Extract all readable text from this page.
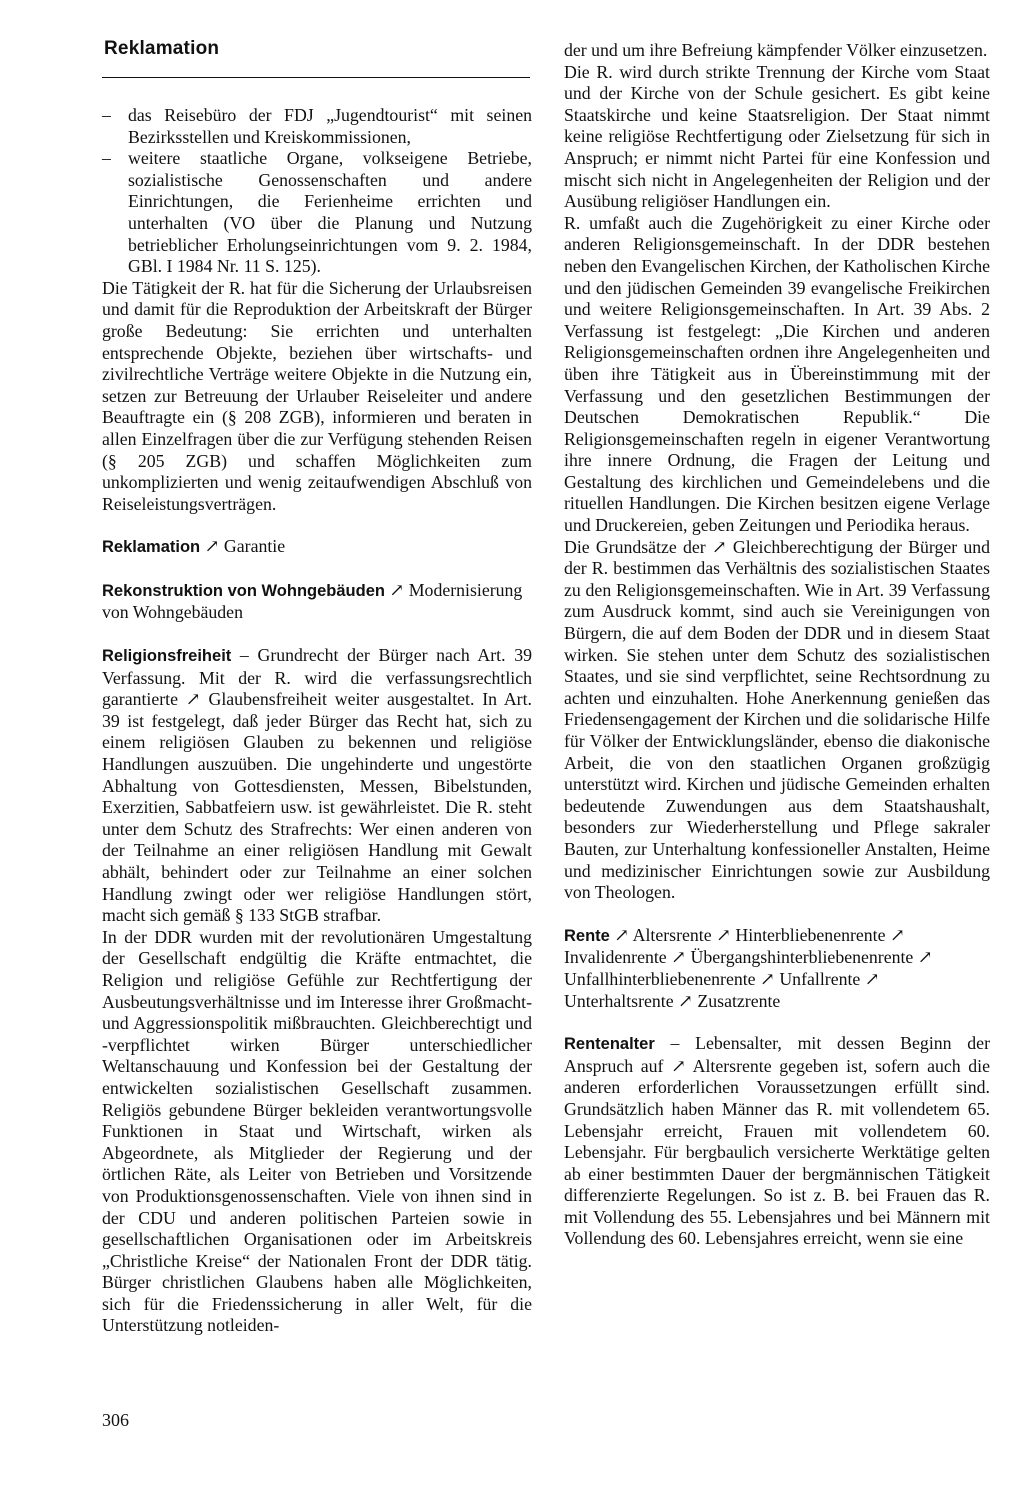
Reklamation
– das Reisebüro der FDJ „Jugendtourist“ mit seinen Bezirksstellen und Kreiskommissionen,
– weitere staatliche Organe, volkseigene Betriebe, sozialistische Genossenschaften und andere Einrichtungen, die Ferienheime errichten und unterhalten (VO über die Planung und Nutzung betrieblicher Erholungseinrichtungen vom 9. 2. 1984, GBl. I 1984 Nr. 11 S. 125).

Die Tätigkeit der R. hat für die Sicherung der Urlaubsreisen und damit für die Reproduktion der Arbeitskraft der Bürger große Bedeutung: Sie errichten und unterhalten entsprechende Objekte, beziehen über wirtschafts- und zivilrechtliche Verträge weitere Objekte in die Nutzung ein, setzen zur Betreuung der Urlauber Reiseleiter und andere Beauftragte ein (§ 208 ZGB), informieren und beraten in allen Einzelfragen über die zur Verfügung stehenden Reisen (§ 205 ZGB) und schaffen Möglichkeiten zum unkomplizierten und wenig zeitaufwendigen Abschluß von Reiseleistungsverträgen.

Reklamation ↗ Garantie

Rekonstruktion von Wohngebäuden ↗ Modernisierung von Wohngebäuden

Religionsfreiheit – Grundrecht der Bürger nach Art. 39 Verfassung. Mit der R. wird die verfassungsrechtlich garantierte ↗ Glaubensfreiheit weiter ausgestaltet. In Art. 39 ist festgelegt, daß jeder Bürger das Recht hat, sich zu einem religiösen Glauben zu bekennen und religiöse Handlungen auszuüben. Die ungehinderte und ungestörte Abhaltung von Gottesdiensten, Messen, Bibelstunden, Exerzitien, Sabbatfeiern usw. ist gewährleistet. Die R. steht unter dem Schutz des Strafrechts: Wer einen anderen von der Teilnahme an einer religiösen Handlung mit Gewalt abhält, behindert oder zur Teilnahme an einer solchen Handlung zwingt oder wer religiöse Handlungen stört, macht sich gemäß § 133 StGB strafbar.

In der DDR wurden mit der revolutionären Umgestaltung der Gesellschaft endgültig die Kräfte entmachtet, die Religion und religiöse Gefühle zur Rechtfertigung der Ausbeutungsverhältnisse und im Interesse ihrer Großmacht- und Aggressionspolitik mißbrauchten. Gleichberechtigt und -verpflichtet wirken Bürger unterschiedlicher Weltanschauung und Konfession bei der Gestaltung der entwickelten sozialistischen Gesellschaft zusammen. Religiös gebundene Bürger bekleiden verantwortungsvolle Funktionen in Staat und Wirtschaft, wirken als Abgeordnete, als Mitglieder der Regierung und der örtlichen Räte, als Leiter von Betrieben und Vorsitzende von Produktionsgenossenschaften. Viele von ihnen sind in der CDU und anderen politischen Parteien sowie in gesellschaftlichen Organisationen oder im Arbeitskreis „Christliche Kreise“ der Nationalen Front der DDR tätig. Bürger christlichen Glaubens haben alle Möglichkeiten, sich für die Friedenssicherung in aller Welt, für die Unterstützung notleiden-

der und um ihre Befreiung kämpfender Völker einzusetzen.

Die R. wird durch strikte Trennung der Kirche vom Staat und der Kirche von der Schule gesichert. Es gibt keine Staatskirche und keine Staatsreligion. Der Staat nimmt keine religiöse Rechtfertigung oder Zielsetzung für sich in Anspruch; er nimmt nicht Partei für eine Konfession und mischt sich nicht in Angelegenheiten der Religion und der Ausübung religiöser Handlungen ein.

R. umfaßt auch die Zugehörigkeit zu einer Kirche oder anderen Religionsgemeinschaft. In der DDR bestehen neben den Evangelischen Kirchen, der Katholischen Kirche und den jüdischen Gemeinden 39 evangelische Freikirchen und weitere Religionsgemeinschaften. In Art. 39 Abs. 2 Verfassung ist festgelegt: „Die Kirchen und anderen Religionsgemeinschaften ordnen ihre Angelegenheiten und üben ihre Tätigkeit aus in Übereinstimmung mit der Verfassung und den gesetzlichen Bestimmungen der Deutschen Demokratischen Republik.“ Die Religionsgemeinschaften regeln in eigener Verantwortung ihre innere Ordnung, die Fragen der Leitung und Gestaltung des kirchlichen und Gemeindelebens und die rituellen Handlungen. Die Kirchen besitzen eigene Verlage und Druckereien, geben Zeitungen und Periodika heraus.

Die Grundsätze der ↗ Gleichberechtigung der Bürger und der R. bestimmen das Verhältnis des sozialistischen Staates zu den Religionsgemeinschaften. Wie in Art. 39 Verfassung zum Ausdruck kommt, sind auch sie Vereinigungen von Bürgern, die auf dem Boden der DDR und in diesem Staat wirken. Sie stehen unter dem Schutz des sozialistischen Staates, und sie sind verpflichtet, seine Rechtsordnung zu achten und einzuhalten. Hohe Anerkennung genießen das Friedensengagement der Kirchen und die solidarische Hilfe für Völker der Entwicklungsländer, ebenso die diakonische Arbeit, die von den staatlichen Organen großzügig unterstützt wird. Kirchen und jüdische Gemeinden erhalten bedeutende Zuwendungen aus dem Staatshaushalt, besonders zur Wiederherstellung und Pflege sakraler Bauten, zur Unterhaltung konfessioneller Anstalten, Heime und medizinischer Einrichtungen sowie zur Ausbildung von Theologen.

Rente ↗ Altersrente ↗ Hinterbliebenenrente ↗ Invalidenrente ↗ Übergangshinterbliebenenrente ↗ Unfallhinterbliebenenrente ↗ Unfallrente ↗ Unterhaltsrente ↗ Zusatzrente

Rentenalter – Lebensalter, mit dessen Beginn der Anspruch auf ↗ Altersrente gegeben ist, sofern auch die anderen erforderlichen Voraussetzungen erfüllt sind. Grundsätzlich haben Männer das R. mit vollendetem 65. Lebensjahr erreicht, Frauen mit vollendetem 60. Lebensjahr. Für bergbaulich versicherte Werktätige gelten ab einer bestimmten Dauer der bergmännischen Tätigkeit differenzierte Regelungen. So ist z. B. bei Frauen das R. mit Vollendung des 55. Lebensjahres und bei Männern mit Vollendung des 60. Lebensjahres erreicht, wenn sie eine

306
